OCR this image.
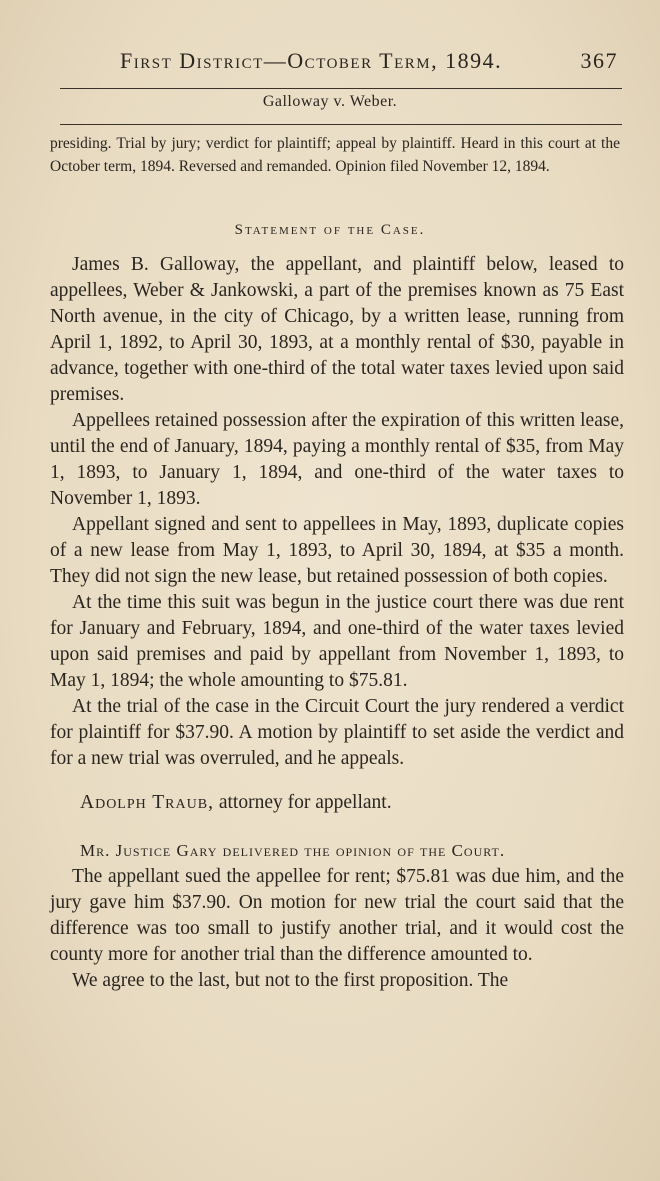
First District—October Term, 1894.	367
Galloway v. Weber.
presiding. Trial by jury; verdict for plaintiff; appeal by plaintiff. Heard in this court at the October term, 1894. Reversed and remanded. Opinion filed November 12, 1894.
Statement of the Case.

James B. Galloway, the appellant, and plaintiff below, leased to appellees, Weber & Jankowski, a part of the premises known as 75 East North avenue, in the city of Chicago, by a written lease, running from April 1, 1892, to April 30, 1893, at a monthly rental of $30, payable in advance, together with one-third of the total water taxes levied upon said premises.

Appellees retained possession after the expiration of this written lease, until the end of January, 1894, paying a monthly rental of $35, from May 1, 1893, to January 1, 1894, and one-third of the water taxes to November 1, 1893.

Appellant signed and sent to appellees in May, 1893, duplicate copies of a new lease from May 1, 1893, to April 30, 1894, at $35 a month. They did not sign the new lease, but retained possession of both copies.

At the time this suit was begun in the justice court there was due rent for January and February, 1894, and one-third of the water taxes levied upon said premises and paid by appellant from November 1, 1893, to May 1, 1894; the whole amounting to $75.81.

At the trial of the case in the Circuit Court the jury rendered a verdict for plaintiff for $37.90. A motion by plaintiff to set aside the verdict and for a new trial was overruled, and he appeals.

Adolph Traub, attorney for appellant.

Mr. Justice Gary delivered the opinion of the Court.

The appellant sued the appellee for rent; $75.81 was due him, and the jury gave him $37.90. On motion for new trial the court said that the difference was too small to justify another trial, and it would cost the county more for another trial than the difference amounted to.

We agree to the last, but not to the first proposition. The
